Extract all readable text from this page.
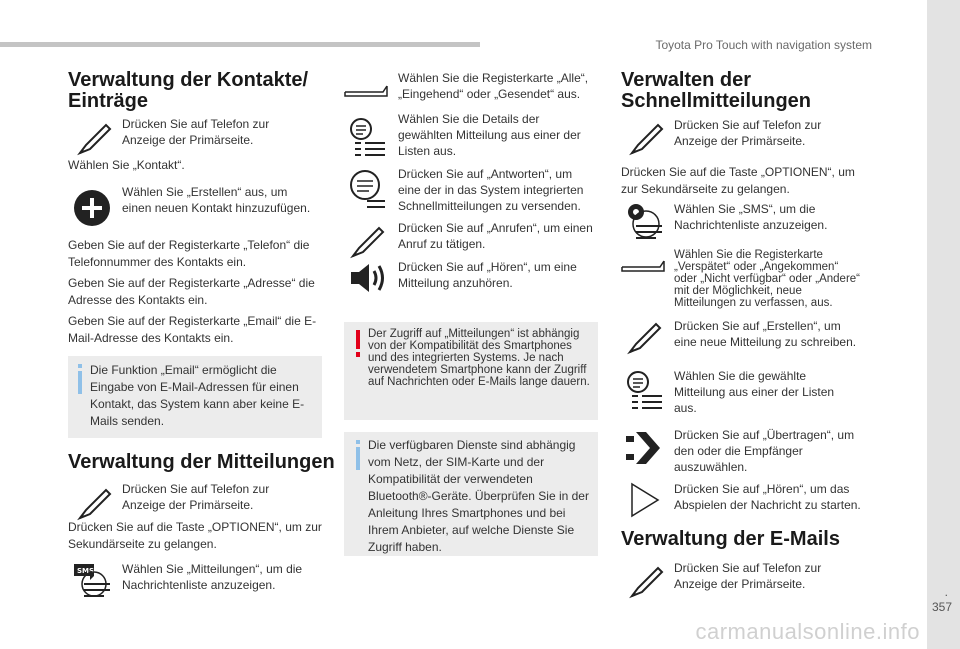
Toyota Pro Touch with navigation system
.
357
Verwaltung der Kontakte/ Einträge

Drücken Sie auf Telefon zur Anzeige der Primärseite.

Wählen Sie „Kontakt“.

Wählen Sie „Erstellen“ aus, um einen neuen Kontakt hinzuzufügen.

Geben Sie auf der Registerkarte „Telefon“ die Telefonnummer des Kontakts ein.

Geben Sie auf der Registerkarte „Adresse“ die Adresse des Kontakts ein.

Geben Sie auf der Registerkarte „Email“ die E-Mail-Adresse des Kontakts ein.

Die Funktion „Email“ ermöglicht die Eingabe von E-Mail-Adressen für einen Kontakt, das System kann aber keine E-Mails senden.

Verwaltung der Mitteilungen

Drücken Sie auf Telefon zur Anzeige der Primärseite.

Drücken Sie auf die Taste „OPTIONEN“, um zur Sekundärseite zu gelangen.

SMS Wählen Sie „Mitteilungen“, um die Nachrichtenliste anzuzeigen.

Wählen Sie die Registerkarte „Alle“, „Eingehend“ oder „Gesendet“ aus.

Wählen Sie die Details der gewählten Mitteilung aus einer der Listen aus.

Drücken Sie auf „Antworten“, um eine der in das System integrierten Schnellmitteilungen zu versenden.

Drücken Sie auf „Anrufen“, um einen Anruf zu tätigen.

Drücken Sie auf „Hören“, um eine Mitteilung anzuhören.

Der Zugriff auf „Mitteilungen“ ist abhängig von der Kompatibilität des Smartphones und des integrierten Systems. Je nach verwendetem Smartphone kann der Zugriff auf Nachrichten oder E-Mails lange dauern.

Die verfügbaren Dienste sind abhängig vom Netz, der SIM-Karte und der Kompatibilität der verwendeten Bluetooth®-Geräte. Überprüfen Sie in der Anleitung Ihres Smartphones und bei Ihrem Anbieter, auf welche Dienste Sie Zugriff haben.

Verwalten der Schnellmitteilungen

Drücken Sie auf Telefon zur Anzeige der Primärseite.

Drücken Sie auf die Taste „OPTIONEN“, um zur Sekundärseite zu gelangen.

Wählen Sie „SMS“, um die Nachrichtenliste anzuzeigen.

Wählen Sie die Registerkarte „Verspätet“ oder „Angekommen“ oder „Nicht verfügbar“ oder „Andere“ mit der Möglichkeit, neue Mitteilungen zu verfassen, aus.

Drücken Sie auf „Erstellen“, um eine neue Mitteilung zu schreiben.

Wählen Sie die gewählte Mitteilung aus einer der Listen aus.

Drücken Sie auf „Übertragen“, um den oder die Empfänger auszuwählen.

Drücken Sie auf „Hören“, um das Abspielen der Nachricht zu starten.

Verwaltung der E-Mails

Drücken Sie auf Telefon zur Anzeige der Primärseite.

carmanualsonline.info
